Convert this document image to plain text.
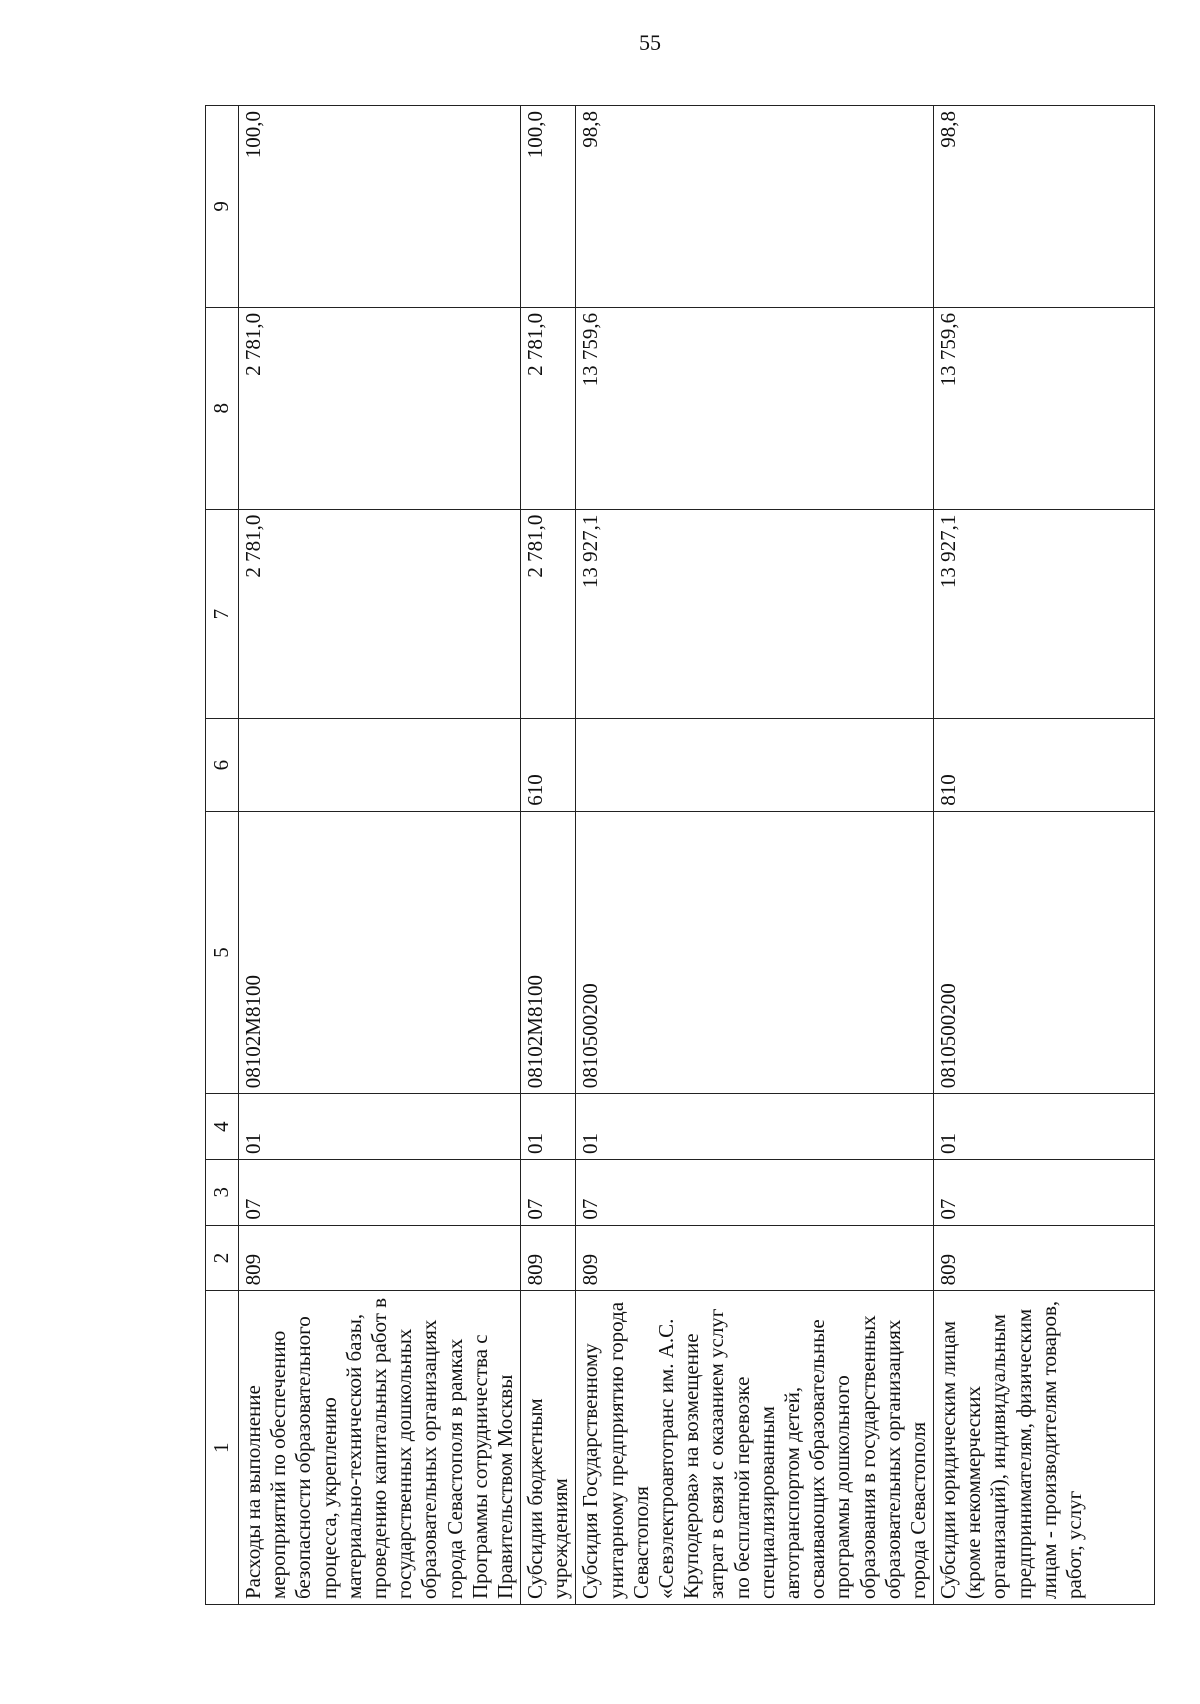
55
1	2	3	4	5	6	7	8	9
Расходы на выполнение мероприятий по обеспечению безопасности образовательного процесса, укреплению материально-технической базы, проведению капитальных работ в государственных дошкольных образовательных организациях города Севастополя в рамках Программы сотрудничества с Правительством Москвы	809	07	01	08102M8100		2 781,0	2 781,0	100,0
Субсидии бюджетным учреждениям	809	07	01	08102M8100	610	2 781,0	2 781,0	100,0
Субсидия Государственному унитарному предприятию города Севастополя «Севэлектроавтотранс им. А.С. Круподерова» на возмещение затрат в связи с оказанием услуг по бесплатной перевозке специализированным автотранспортом детей, осваивающих образовательные программы дошкольного образования в государственных образовательных организациях города Севастополя	809	07	01	0810500200		13 927,1	13 759,6	98,8
Субсидии юридическим лицам (кроме некоммерческих организаций), индивидуальным предпринимателям, физическим лицам - производителям товаров, работ, услуг	809	07	01	0810500200	810	13 927,1	13 759,6	98,8
